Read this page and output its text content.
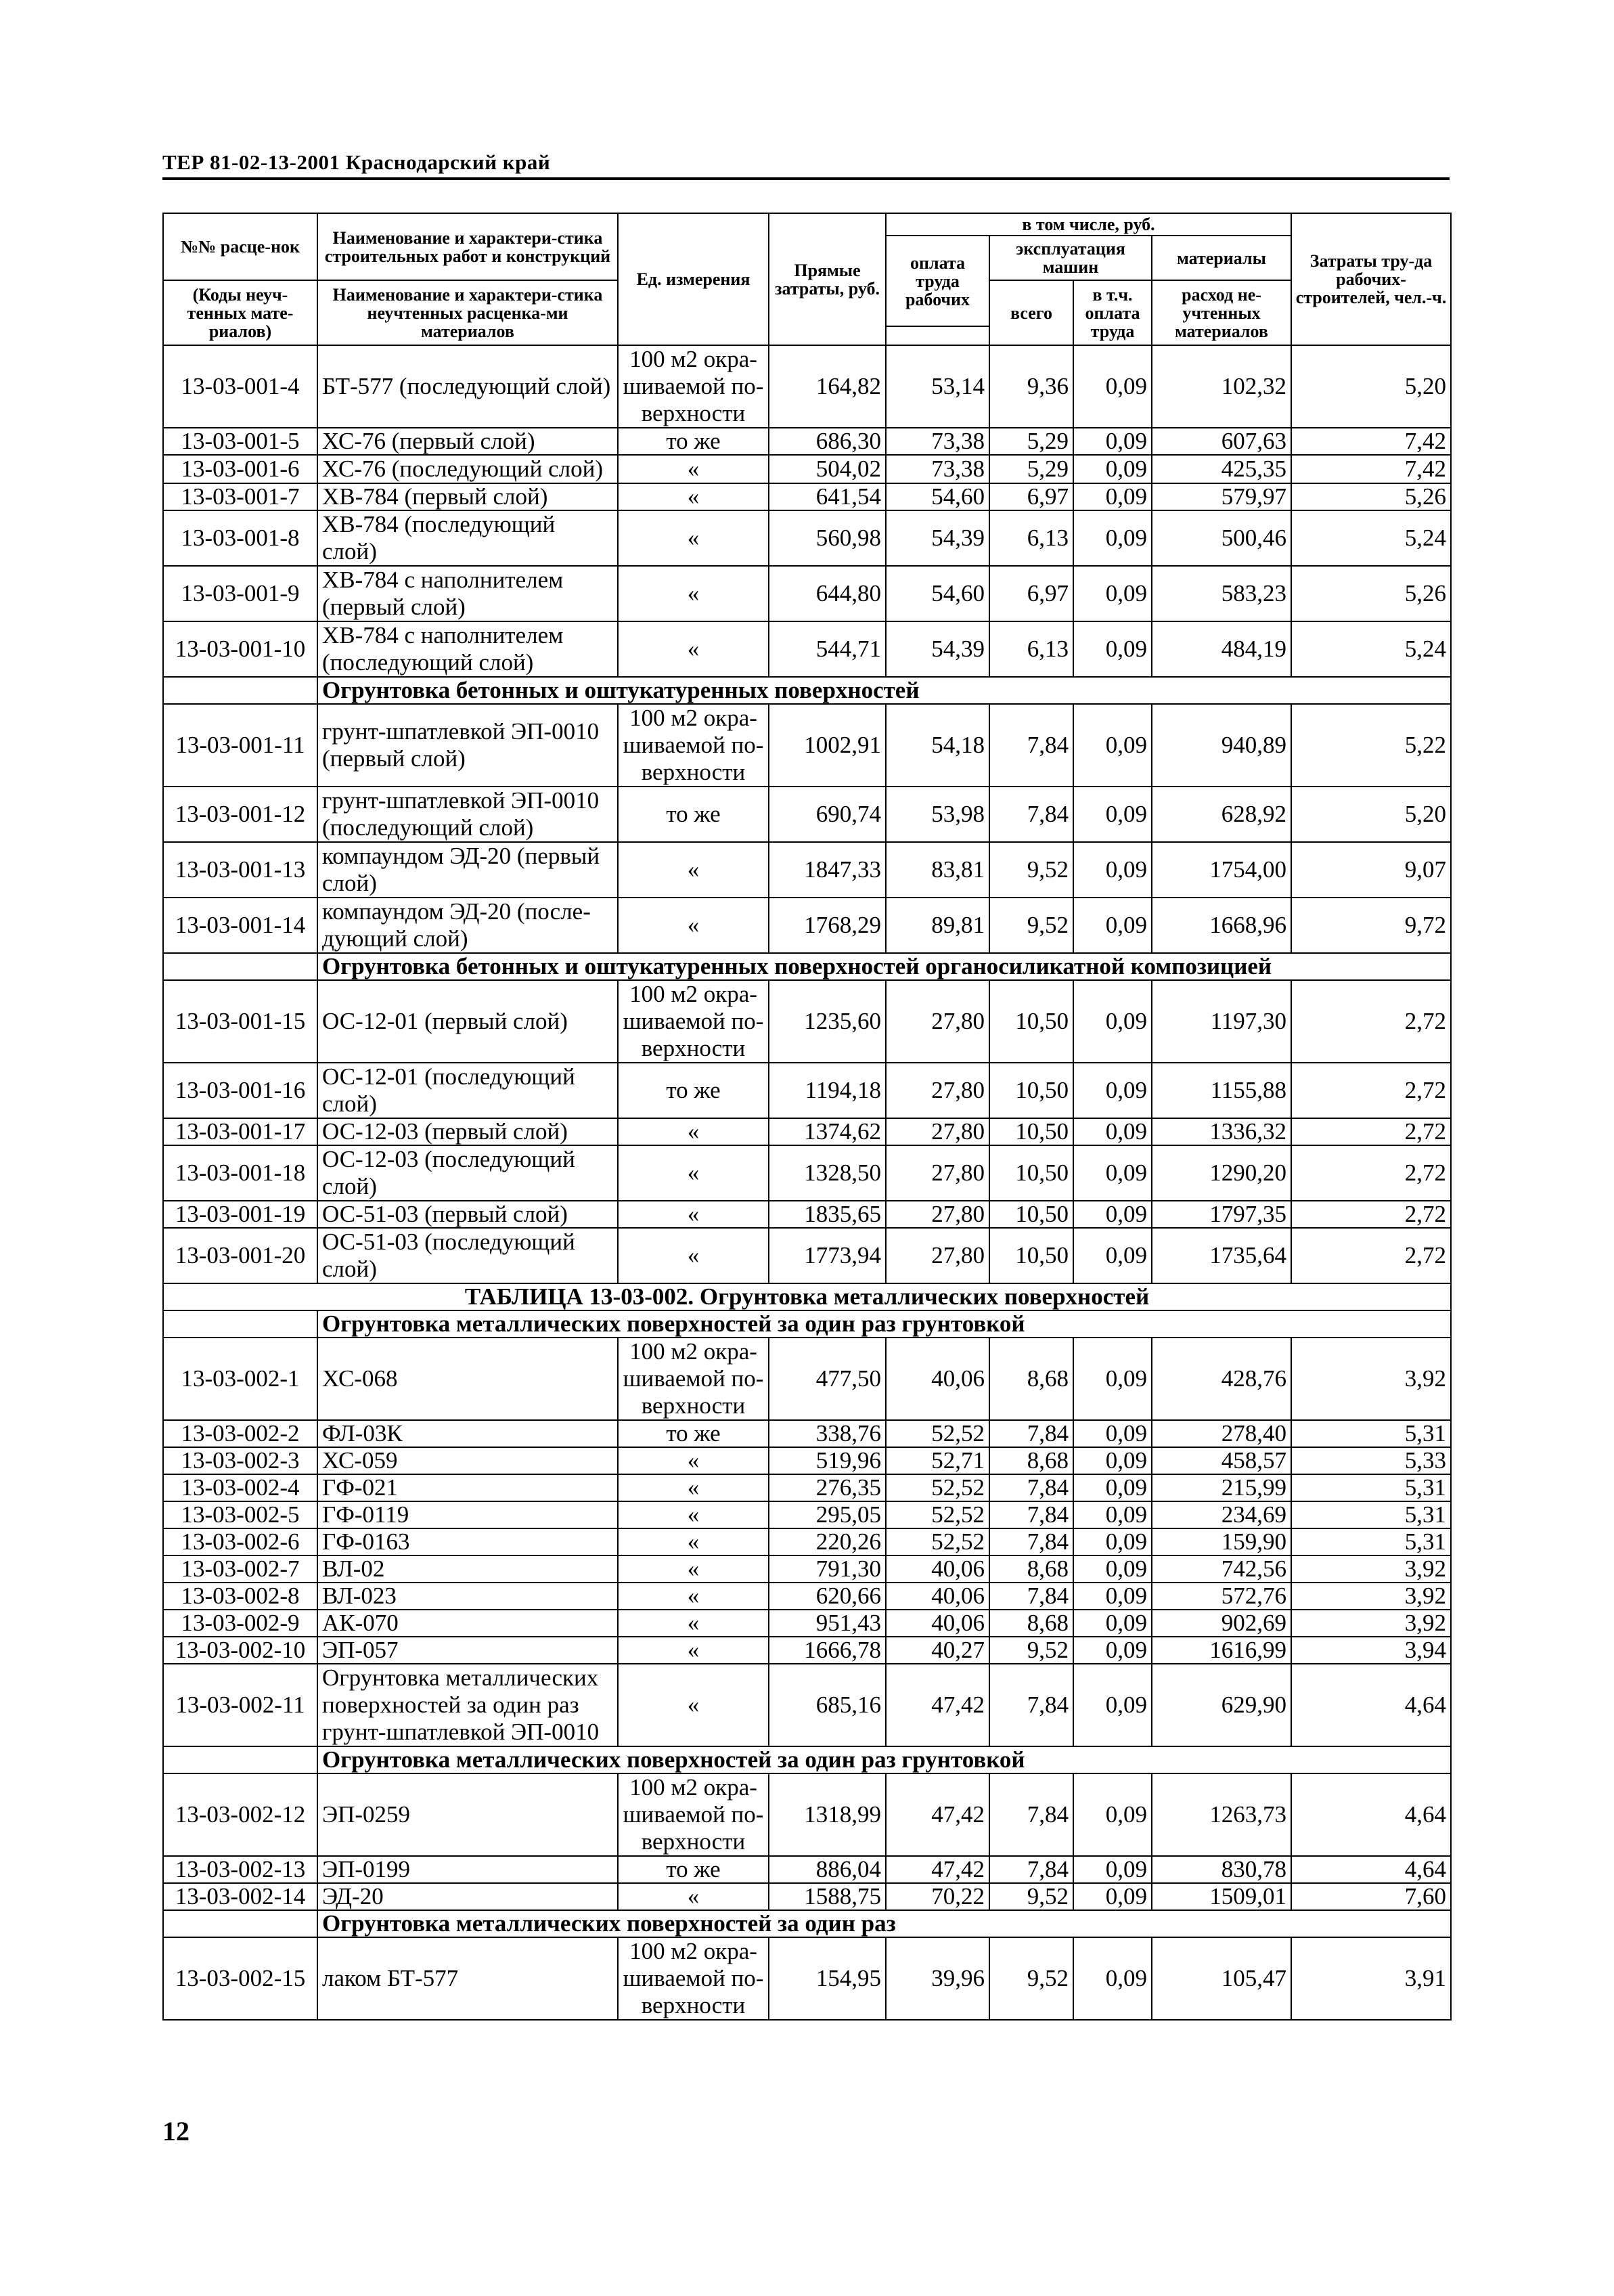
ТЕР 81-02-13-2001 Краснодарский край
№№ расце-нок	Наименование и характери-стика строительных работ и конструкций	Ед. измерения	Прямые затраты, руб.	в том числе, руб.				Затраты тру-да рабочих-строителей, чел.-ч.
				оплата труда рабочих	эксплуатация машин		материалы	
(Коды неуч-тенных мате-риалов)	Наименование и характери-стика неучтенных расценка-ми материалов				всего	в т.ч. оплата труда	расход не-учтенных материалов	

13-03-001-4	БТ-577 (последующий слой)	100 м2 окра-шиваемой по-верхности	164,82	53,14	9,36	0,09	102,32	5,20
13-03-001-5	ХС-76 (первый слой)	то же	686,30	73,38	5,29	0,09	607,63	7,42
13-03-001-6	ХС-76 (последующий слой)	«	504,02	73,38	5,29	0,09	425,35	7,42
13-03-001-7	ХВ-784 (первый слой)	«	641,54	54,60	6,97	0,09	579,97	5,26
13-03-001-8	ХВ-784 (последующий слой)	«	560,98	54,39	6,13	0,09	500,46	5,24
13-03-001-9	ХВ-784 с наполнителем (первый слой)	«	644,80	54,60	6,97	0,09	583,23	5,26
13-03-001-10	ХВ-784 с наполнителем (последующий слой)	«	544,71	54,39	6,13	0,09	484,19	5,24
	Огрунтовка бетонных и оштукатуренных поверхностей							
13-03-001-11	грунт-шпатлевкой ЭП-0010 (первый слой)	100 м2 окра-шиваемой по-верхности	1002,91	54,18	7,84	0,09	940,89	5,22
13-03-001-12	грунт-шпатлевкой ЭП-0010 (последующий слой)	то же	690,74	53,98	7,84	0,09	628,92	5,20
13-03-001-13	компаундом ЭД-20 (первый слой)	«	1847,33	83,81	9,52	0,09	1754,00	9,07
13-03-001-14	компаундом ЭД-20 (после-дующий слой)	«	1768,29	89,81	9,52	0,09	1668,96	9,72
	Огрунтовка бетонных и оштукатуренных поверхностей органосиликатной композицией							
13-03-001-15	ОС-12-01 (первый слой)	100 м2 окра-шиваемой по-верхности	1235,60	27,80	10,50	0,09	1197,30	2,72
13-03-001-16	ОС-12-01 (последующий слой)	то же	1194,18	27,80	10,50	0,09	1155,88	2,72
13-03-001-17	ОС-12-03 (первый слой)	«	1374,62	27,80	10,50	0,09	1336,32	2,72
13-03-001-18	ОС-12-03 (последующий слой)	«	1328,50	27,80	10,50	0,09	1290,20	2,72
13-03-001-19	ОС-51-03 (первый слой)	«	1835,65	27,80	10,50	0,09	1797,35	2,72
13-03-001-20	ОС-51-03 (последующий слой)	«	1773,94	27,80	10,50	0,09	1735,64	2,72
ТАБЛИЦА 13-03-002. Огрунтовка металлических поверхностей								
	Огрунтовка металлических поверхностей за один раз грунтовкой							
13-03-002-1	ХС-068	100 м2 окра-шиваемой по-верхности	477,50	40,06	8,68	0,09	428,76	3,92
13-03-002-2	ФЛ-03К	то же	338,76	52,52	7,84	0,09	278,40	5,31
13-03-002-3	ХС-059	«	519,96	52,71	8,68	0,09	458,57	5,33
13-03-002-4	ГФ-021	«	276,35	52,52	7,84	0,09	215,99	5,31
13-03-002-5	ГФ-0119	«	295,05	52,52	7,84	0,09	234,69	5,31
13-03-002-6	ГФ-0163	«	220,26	52,52	7,84	0,09	159,90	5,31
13-03-002-7	ВЛ-02	«	791,30	40,06	8,68	0,09	742,56	3,92
13-03-002-8	ВЛ-023	«	620,66	40,06	7,84	0,09	572,76	3,92
13-03-002-9	АК-070	«	951,43	40,06	8,68	0,09	902,69	3,92
13-03-002-10	ЭП-057	«	1666,78	40,27	9,52	0,09	1616,99	3,94
13-03-002-11	Огрунтовка металлических поверхностей за один раз грунт-шпатлевкой ЭП-0010	«	685,16	47,42	7,84	0,09	629,90	4,64
	Огрунтовка металлических поверхностей за один раз грунтовкой							
13-03-002-12	ЭП-0259	100 м2 окра-шиваемой по-верхности	1318,99	47,42	7,84	0,09	1263,73	4,64
13-03-002-13	ЭП-0199	то же	886,04	47,42	7,84	0,09	830,78	4,64
13-03-002-14	ЭД-20	«	1588,75	70,22	9,52	0,09	1509,01	7,60
	Огрунтовка металлических поверхностей за один раз							
13-03-002-15	лаком БТ-577	100 м2 окра-шиваемой по-верхности	154,95	39,96	9,52	0,09	105,47	3,91
12
